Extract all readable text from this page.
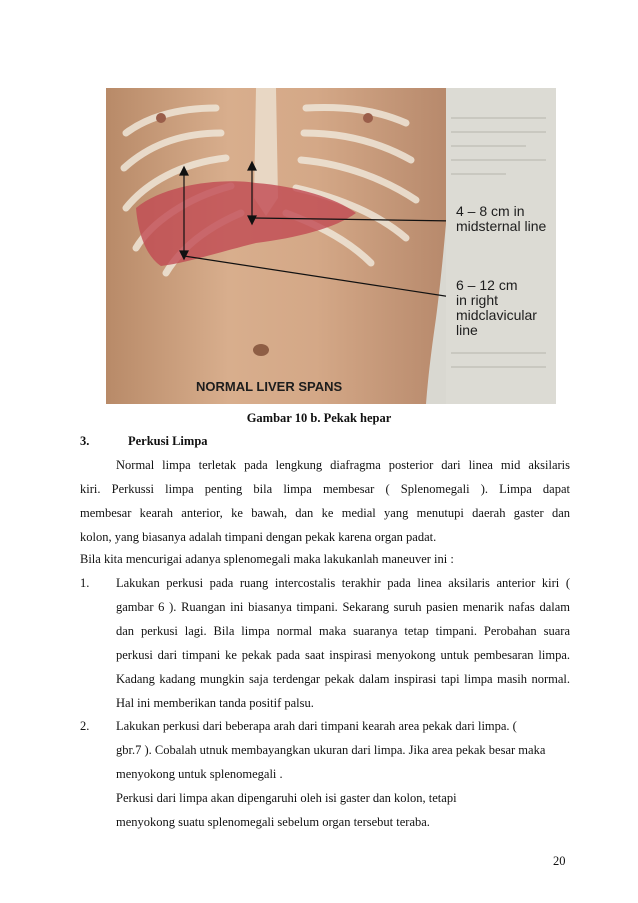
4 – 8 cm in
midsternal line
6 – 12 cm
in right
midclavicular
line
NORMAL LIVER SPANS
Gambar 10 b. Pekak hepar
3.	Perkusi Limpa
Normal limpa terletak pada lengkung diafragma posterior dari linea mid aksilaris
kiri. Perkussi limpa penting bila limpa membesar ( Splenomegali ). Limpa dapat
membesar kearah anterior, ke bawah, dan ke medial yang menutupi daerah gaster dan
kolon, yang biasanya adalah timpani dengan pekak karena organ padat.
Bila kita mencurigai adanya splenomegali maka lakukanlah maneuver ini :
1. Lakukan perkusi pada ruang intercostalis terakhir pada linea aksilaris anterior kiri (
gambar 6 ). Ruangan ini biasanya timpani. Sekarang suruh pasien menarik nafas dalam
dan perkusi lagi. Bila limpa normal maka suaranya tetap timpani. Perobahan suara
perkusi dari timpani ke pekak pada saat inspirasi menyokong untuk pembesaran limpa.
Kadang kadang mungkin saja terdengar pekak dalam inspirasi tapi limpa masih normal.
Hal ini memberikan tanda positif palsu.
2. Lakukan perkusi dari beberapa arah dari timpani kearah area pekak dari limpa. (
gbr.7 ). Cobalah utnuk membayangkan ukuran dari limpa. Jika area pekak besar maka
menyokong untuk splenomegali .
Perkusi dari limpa akan dipengaruhi oleh isi gaster dan kolon, tetapi
menyokong suatu splenomegali sebelum organ tersebut teraba.
20
